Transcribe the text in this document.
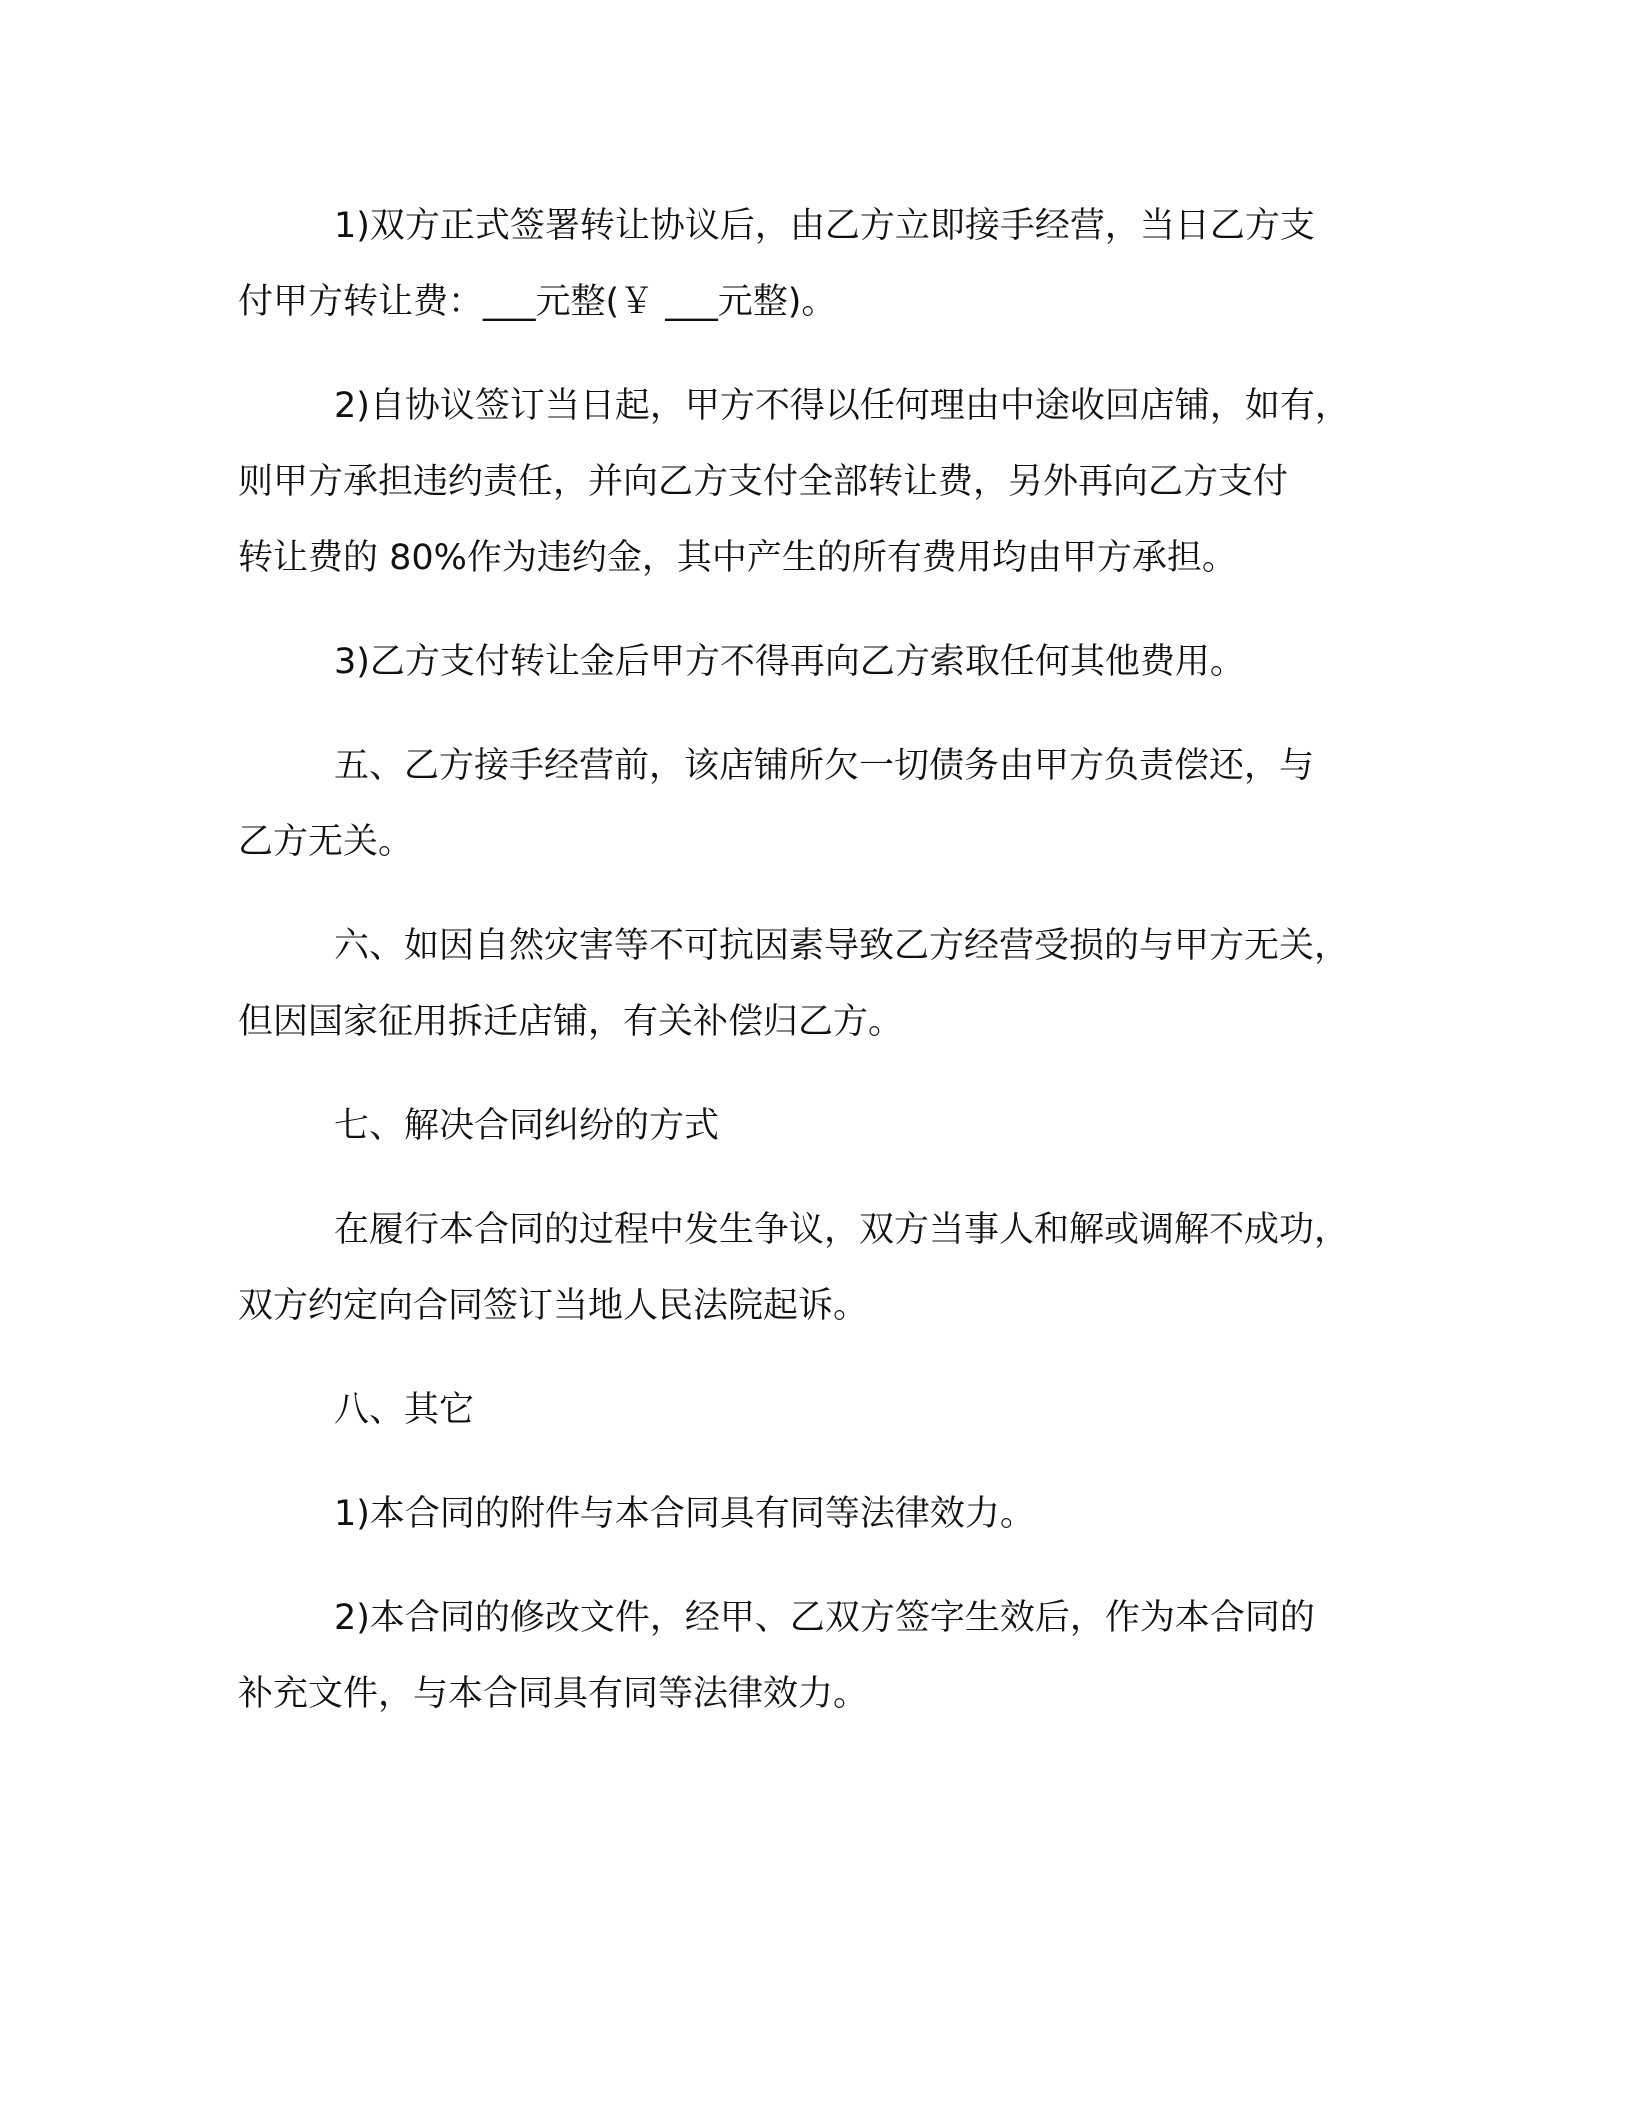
1)双方正式签署转让协议后，由乙方立即接手经营，当日乙方支
付甲方转让费：___元整(￥ ___元整)。

2)自协议签订当日起，甲方不得以任何理由中途收回店铺，如有，
则甲方承担违约责任，并向乙方支付全部转让费，另外再向乙方支付
转让费的 80%作为违约金，其中产生的所有费用均由甲方承担。

3)乙方支付转让金后甲方不得再向乙方索取任何其他费用。

五、乙方接手经营前，该店铺所欠一切债务由甲方负责偿还，与
乙方无关。

六、如因自然灾害等不可抗因素导致乙方经营受损的与甲方无关，
但因国家征用拆迁店铺，有关补偿归乙方。

七、解决合同纠纷的方式

在履行本合同的过程中发生争议，双方当事人和解或调解不成功，
双方约定向合同签订当地人民法院起诉。

八、其它

1)本合同的附件与本合同具有同等法律效力。

2)本合同的修改文件，经甲、乙双方签字生效后，作为本合同的
补充文件，与本合同具有同等法律效力。
